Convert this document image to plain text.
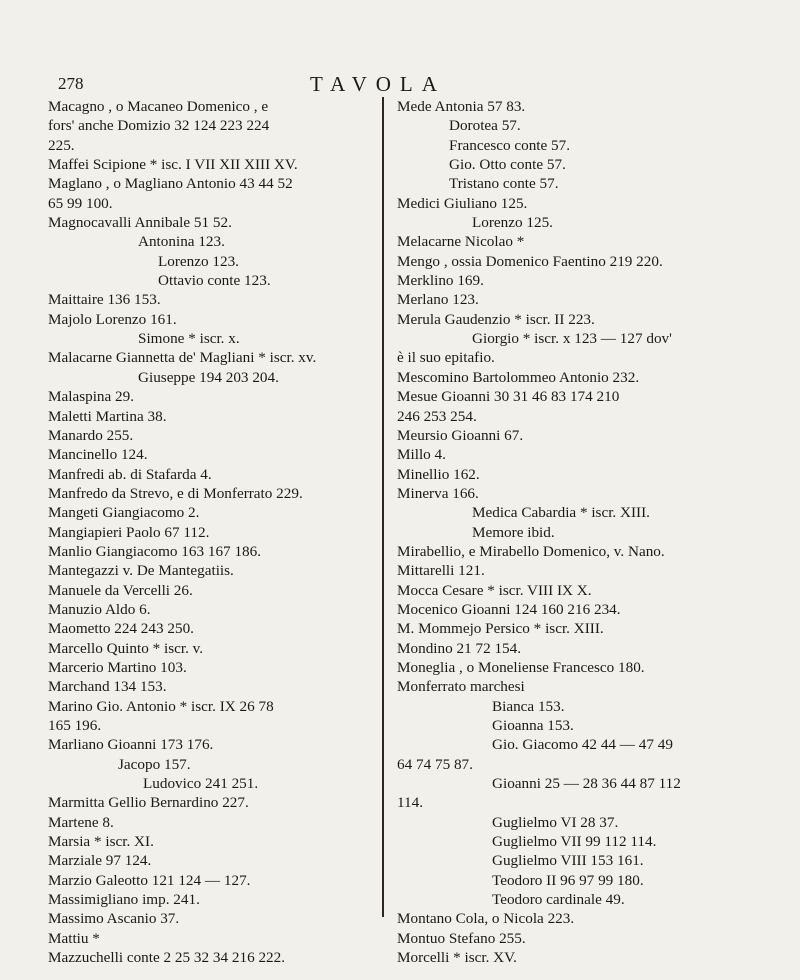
278	TAVOLA
Macagno , o Macaneo Domenico , e
fors' anche Domizio 32 124 223 224
225.
Maffei Scipione * isc. I VII XII XIII XV.
Maglano , o Magliano Antonio 43 44 52
65 99 100.
Magnocavalli Annibale 51 52.
Antonina 123.
Lorenzo 123.
Ottavio conte 123.
Maittaire 136 153.
Majolo Lorenzo 161.
Simone * iscr. x.
Malacarne Giannetta de' Magliani * iscr. xv.
Giuseppe 194 203 204.
Malaspina 29.
Maletti Martina 38.
Manardo 255.
Mancinello 124.
Manfredi ab. di Stafarda 4.
Manfredo da Strevo, e di Monferrato 229.
Mangeti Giangiacomo 2.
Mangiapieri Paolo 67 112.
Manlio Giangiacomo 163 167 186.
Mantegazzi v. De Mantegatiis.
Manuele da Vercelli 26.
Manuzio Aldo 6.
Maometto 224 243 250.
Marcello Quinto * iscr. v.
Marcerio Martino 103.
Marchand 134 153.
Marino Gio. Antonio * iscr. IX 26 78
165 196.
Marliano Gioanni 173 176.
Jacopo 157.
Ludovico 241 251.
Marmitta Gellio Bernardino 227.
Martene 8.
Marsia * iscr. XI.
Marziale 97 124.
Marzio Galeotto 121 124 — 127.
Massimigliano imp. 241.
Massimo Ascanio 37.
Mattiu *
Mazzuchelli conte 2 25 32 34 216 222.
Mede Antonia 57 83.
Dorotea 57.
Francesco conte 57.
Gio. Otto conte 57.
Tristano conte 57.
Medici Giuliano 125.
Lorenzo 125.
Melacarne Nicolao *
Mengo , ossia Domenico Faentino 219 220.
Merklino 169.
Merlano 123.
Merula Gaudenzio * iscr. II 223.
Giorgio * iscr. x 123 — 127 dov'
è il suo epitafio.
Mescomino Bartolommeo Antonio 232.
Mesue Gioanni 30 31 46 83 174 210
246 253 254.
Meursio Gioanni 67.
Millo 4.
Minellio 162.
Minerva 166.
Medica Cabardia * iscr. XIII.
Memore ibid.
Mirabellio, e Mirabello Domenico, v. Nano.
Mittarelli 121.
Mocca Cesare * iscr. VIII IX X.
Mocenico Gioanni 124 160 216 234.
M. Mommejo Persico * iscr. XIII.
Mondino 21 72 154.
Moneglia , o Moneliense Francesco 180.
Monferrato marchesi
Bianca 153.
Gioanna 153.
Gio. Giacomo 42 44 — 47 49
64 74 75 87.
Gioanni 25 — 28 36 44 87 112
114.
Guglielmo VI 28 37.
Guglielmo VII 99 112 114.
Guglielmo VIII 153 161.
Teodoro II 96 97 99 180.
Teodoro cardinale 49.
Montano Cola, o Nicola 223.
Montuo Stefano 255.
Morcelli * iscr. XV.
